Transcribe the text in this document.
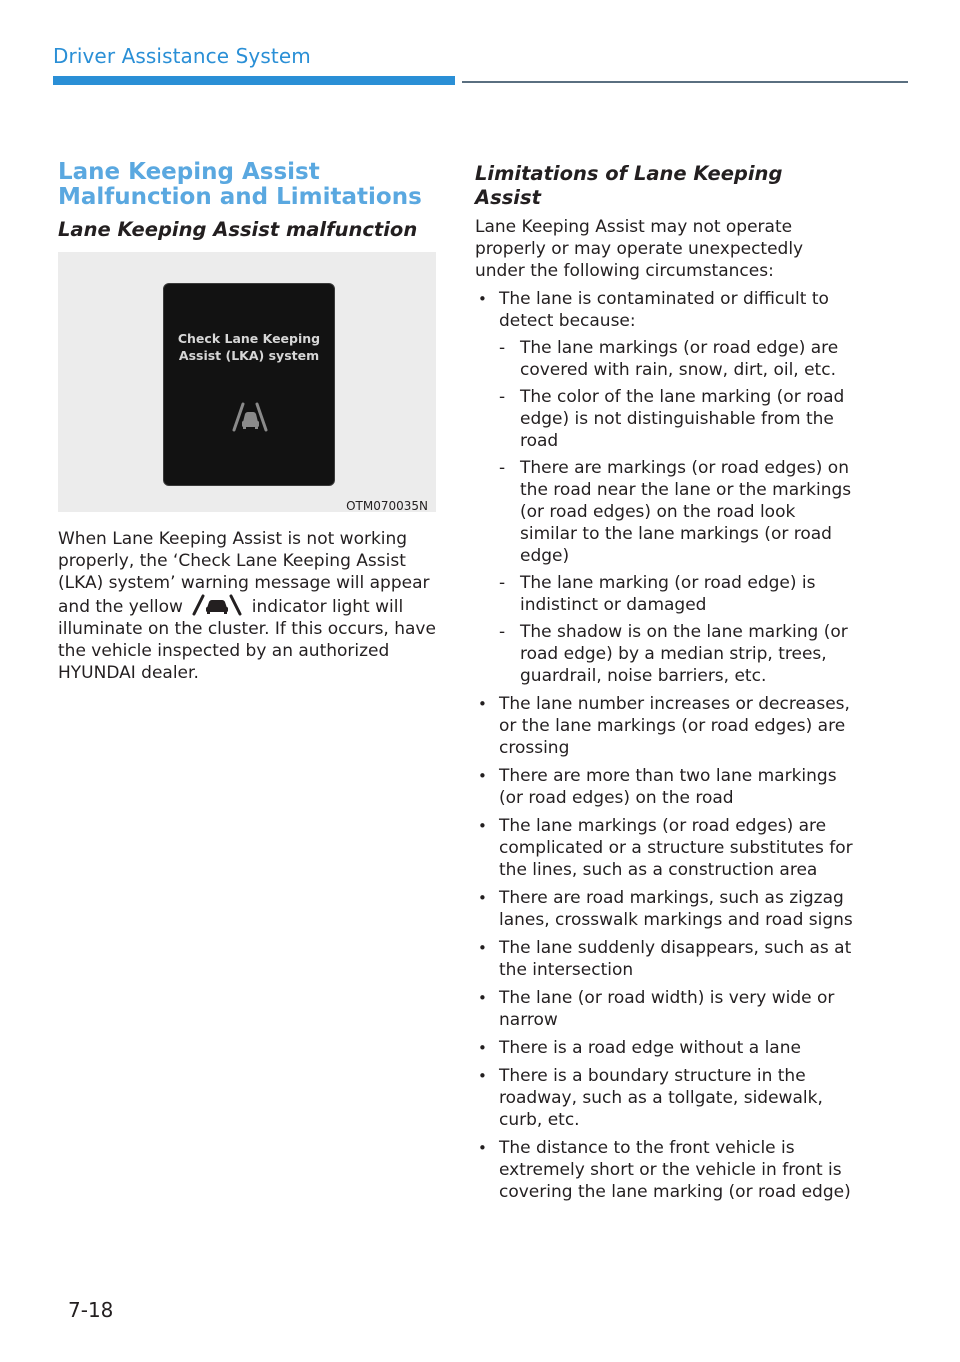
Driver Assistance System
Lane Keeping Assist Malfunction and Limitations
Lane Keeping Assist malfunction
Check Lane Keeping
Assist (LKA) system
OTM070035N

When Lane Keeping Assist is not working properly, the ‘Check Lane Keeping Assist (LKA) system’ warning message will appear and the yellow	indicator light will illuminate on the cluster. If this occurs, have the vehicle inspected by an authorized HYUNDAI dealer.

Limitations of Lane Keeping Assist

Lane Keeping Assist may not operate properly or may operate unexpectedly under the following circumstances:

• The lane is contaminated or difficult to detect because:
- The lane markings (or road edge) are covered with rain, snow, dirt, oil, etc.
- The color of the lane marking (or road edge) is not distinguishable from the road
- There are markings (or road edges) on the road near the lane or the markings (or road edges) on the road look similar to the lane markings (or road edge)
- The lane marking (or road edge) is indistinct or damaged
- The shadow is on the lane marking (or road edge) by a median strip, trees, guardrail, noise barriers, etc.
• The lane number increases or decreases, or the lane markings (or road edges) are crossing
• There are more than two lane markings (or road edges) on the road
• The lane markings (or road edges) are complicated or a structure substitutes for the lines, such as a construction area
• There are road markings, such as zigzag lanes, crosswalk markings and road signs
• The lane suddenly disappears, such as at the intersection
• The lane (or road width) is very wide or narrow
• There is a road edge without a lane
• There is a boundary structure in the roadway, such as a tollgate, sidewalk, curb, etc.
• The distance to the front vehicle is extremely short or the vehicle in front is covering the lane marking (or road edge)
7-18
